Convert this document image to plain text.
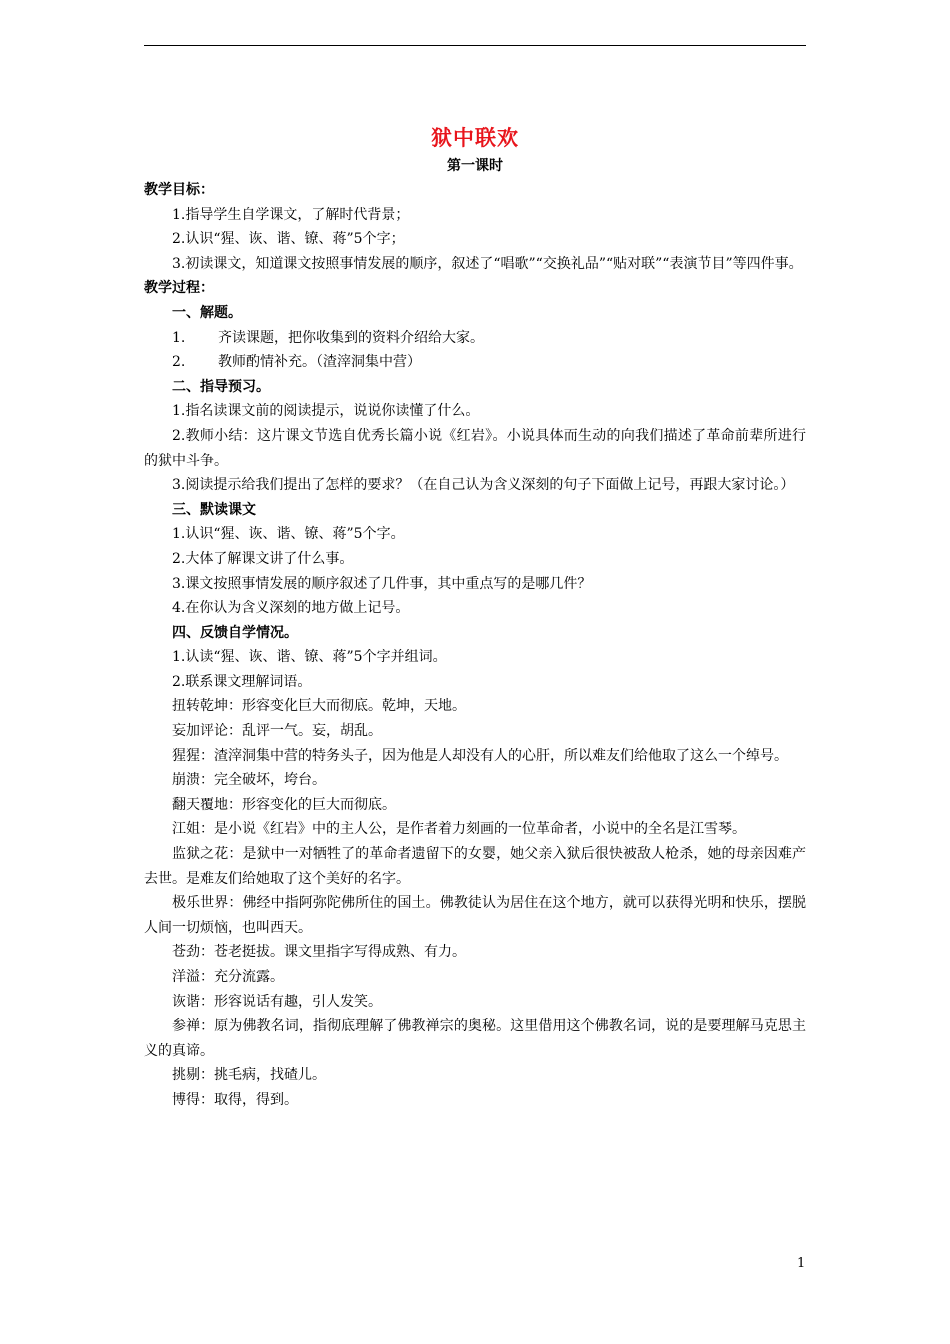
狱中联欢
第一课时

教学目标：

1.指导学生自学课文，了解时代背景；

2.认识“猩、诙、谐、镣、蒋”5个字；

3.初读课文，知道课文按照事情发展的顺序，叙述了“唱歌”“交换礼品”“贴对联”“表演节目”等四件事。

教学过程：

一、解题。

1. 齐读课题，把你收集到的资料介绍给大家。

2. 教师酌情补充。（渣滓洞集中营）

二、指导预习。

1.指名读课文前的阅读提示，说说你读懂了什么。

2.教师小结：这片课文节选自优秀长篇小说《红岩》。小说具体而生动的向我们描述了革命前辈所进行的狱中斗争。

3.阅读提示给我们提出了怎样的要求？（在自己认为含义深刻的句子下面做上记号，再跟大家讨论。）

三、默读课文

1.认识“猩、诙、谐、镣、蒋”5个字。

2.大体了解课文讲了什么事。

3.课文按照事情发展的顺序叙述了几件事，其中重点写的是哪几件？

4.在你认为含义深刻的地方做上记号。

四、反馈自学情况。

1.认读“猩、诙、谐、镣、蒋”5个字并组词。

2.联系课文理解词语。

扭转乾坤：形容变化巨大而彻底。乾坤，天地。

妄加评论：乱评一气。妄，胡乱。

猩猩：渣滓洞集中营的特务头子，因为他是人却没有人的心肝，所以难友们给他取了这么一个绰号。

崩溃：完全破坏，垮台。

翻天覆地：形容变化的巨大而彻底。

江姐：是小说《红岩》中的主人公，是作者着力刻画的一位革命者，小说中的全名是江雪琴。

监狱之花：是狱中一对牺牲了的革命者遗留下的女婴，她父亲入狱后很快被敌人枪杀，她的母亲因难产去世。是难友们给她取了这个美好的名字。

极乐世界：佛经中指阿弥陀佛所住的国土。佛教徒认为居住在这个地方，就可以获得光明和快乐，摆脱人间一切烦恼，也叫西天。

苍劲：苍老挺拔。课文里指字写得成熟、有力。

洋溢：充分流露。

诙谐：形容说话有趣，引人发笑。

参禅：原为佛教名词，指彻底理解了佛教禅宗的奥秘。这里借用这个佛教名词，说的是要理解马克思主义的真谛。

挑剔：挑毛病，找碴儿。

博得：取得，得到。

1
